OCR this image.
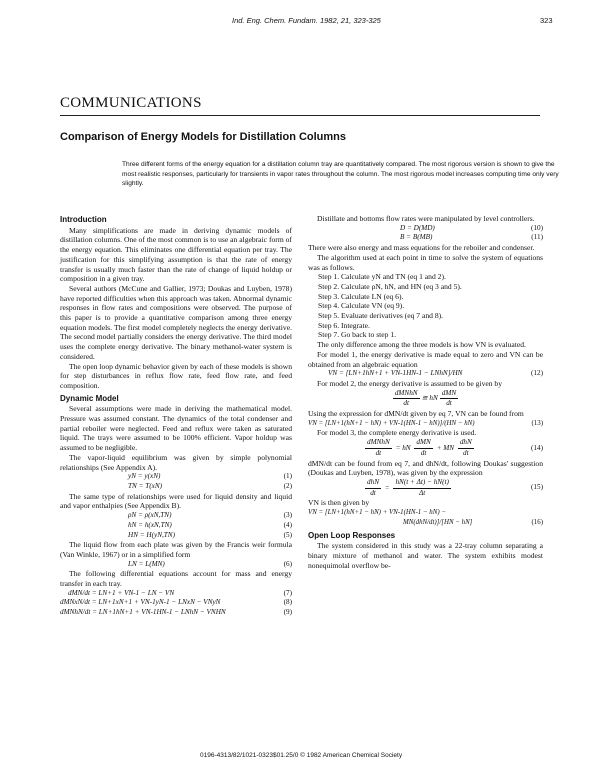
Ind. Eng. Chem. Fundam. 1982, 21, 323-325	323
COMMUNICATIONS
Comparison of Energy Models for Distillation Columns
Three different forms of the energy equation for a distillation column tray are quantitatively compared. The most rigorous version is shown to give the most realistic responses, particularly for transients in vapor rates throughout the column. The most rigorous model increases computing time only very slightly.
Introduction

Many simplifications are made in deriving dynamic models of distillation columns. One of the most common is to use an algebraic form of the energy equation. This eliminates one differential equation per tray. The justification for this simplifying assumption is that the rate of energy transfer is usually much faster than the rate of change of liquid holdup or composition in a given tray.

Several authors (McCune and Gallier, 1973; Doukas and Luyben, 1978) have reported difficulties when this approach was taken. Abnormal dynamic responses in flow rates and compositions were observed. The purpose of this paper is to provide a quantitative comparison among three energy equation models. The first model completely neglects the energy derivative. The second model partially considers the energy derivative. The third model uses the complete energy derivative. The binary methanol-water system is considered.

The open loop dynamic behavior given by each of these models is shown for step disturbances in reflux flow rate, feed flow rate, and feed composition.

Dynamic Model

Several assumptions were made in deriving the mathematical model. Pressure was assumed constant. The dynamics of the total condenser and partial reboiler were neglected. Feed and reflux were taken as saturated liquid. The trays were assumed to be 100% efficient. Vapor holdup was assumed to be negligible.

The vapor-liquid equilibrium was given by simple polynomial relationships (See Appendix A).

yN = y(xN)	(1)
TN = T(xN)	(2)

The same type of relationships were used for liquid density and liquid and vapor enthalpies (See Appendix B).

ρN = ρ(xN,TN)	(3)
hN = h(xN,TN)	(4)
HN = H(yN,TN)	(5)

The liquid flow from each plate was given by the Francis weir formula (Van Winkle, 1967) or in a simplified form

LN = L(MN)	(6)

The following differential equations account for mass and energy transfer in each tray.

dMN/dt = LN+1 + VN-1 − LN − VN	(7)
dMNxN/dt = LN+1xN+1 + VN-1yN-1 − LNxN − VNyN	(8)
dMNhN/dt = LN+1hN+1 + VN-1HN-1 − LNhN − VNHN	(9)

Distillate and bottoms flow rates were manipulated by level controllers.

D = D(MD)	(10)
B = B(MB)	(11)

There were also energy and mass equations for the reboiler and condenser.

The algorithm used at each point in time to solve the system of equations was as follows.

Step 1. Calculate yN and TN (eq 1 and 2).
Step 2. Calculate ρN, hN, and HN (eq 3 and 5).
Step 3. Calculate LN (eq 6).
Step 4. Calculate VN (eq 9).
Step 5. Evaluate derivatives (eq 7 and 8).
Step 6. Integrate.
Step 7. Go back to step 1.

The only difference among the three models is how VN is evaluated.

For model 1, the energy derivative is made equal to zero and VN can be obtained from an algebraic equation

VN = [LN+1hN+1 + VN-1HN-1 − LNhN]/HN	(12)

For model 2, the energy derivative is assumed to be given by

$\frac{\text{dMNhN}}{dt}$ ≅ hN $\frac{\text{dMN}}{dt}$

Using the expression for dMN/dt given by eq 7, VN can be found from

VN = [LN+1(hN+1 − hN) + VN-1(HN-1 − hN)]/(HN − hN)	(13)

For model 3, the complete energy derivative is used.

$\frac{\text{dMNhN}}{dt}$ = hN $\frac{\text{dMN}}{dt}$ + MN $\frac{\text{dhN}}{dt}$	(14)

dMN/dt can be found from eq 7, and dhN/dt, following Doukas' suggestion (Doukas and Luyben, 1978), was given by the expression

$\frac{\text{dhN}}{dt} = \frac{hN(t + \Delta t) - hN(t)}{\Delta t}$	(15)

VN is then given by

VN = [LN+1(hN+1 − hN) + VN-1(HN-1 − hN) −
MN(dhN/dt)]/[HN − hN]	(16)
Open Loop Responses

The system considered in this study was a 22-tray column separating a binary mixture of methanol and water. The system exhibits modest nonequimolal overflow be-

0196-4313/82/1021-0323$01.25/0 © 1982 American Chemical Society
